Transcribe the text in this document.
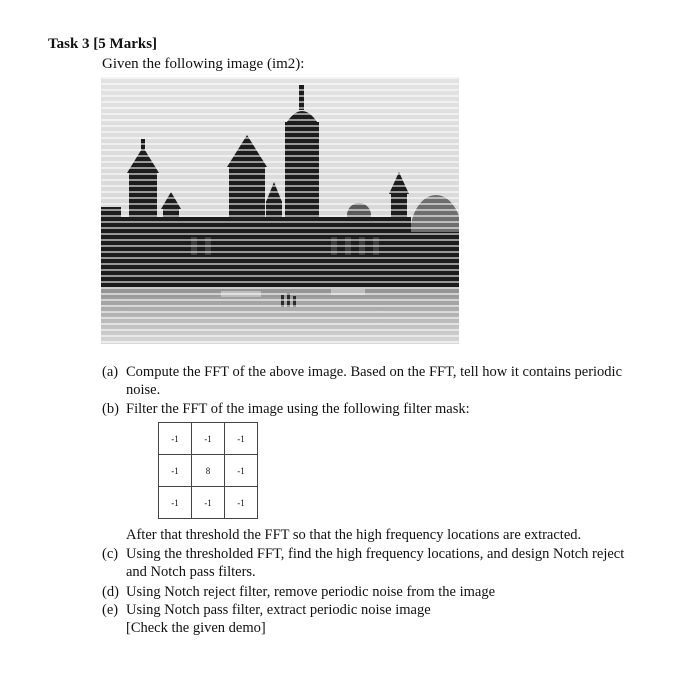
Task 3 [5 Marks]
Given the following image (im2):
(a) Compute the FFT of the above image. Based on the FFT, tell how it contains periodic
noise.
(b) Filter the FFT of the image using the following filter mask:
-1	-1	-1
-1	8	-1
-1	-1	-1
After that threshold the FFT so that the high frequency locations are extracted.
(c) Using the thresholded FFT, find the high frequency locations, and design Notch reject
and Notch pass filters.
(d) Using Notch reject filter, remove periodic noise from the image
(e) Using Notch pass filter, extract periodic noise image
[Check the given demo]
